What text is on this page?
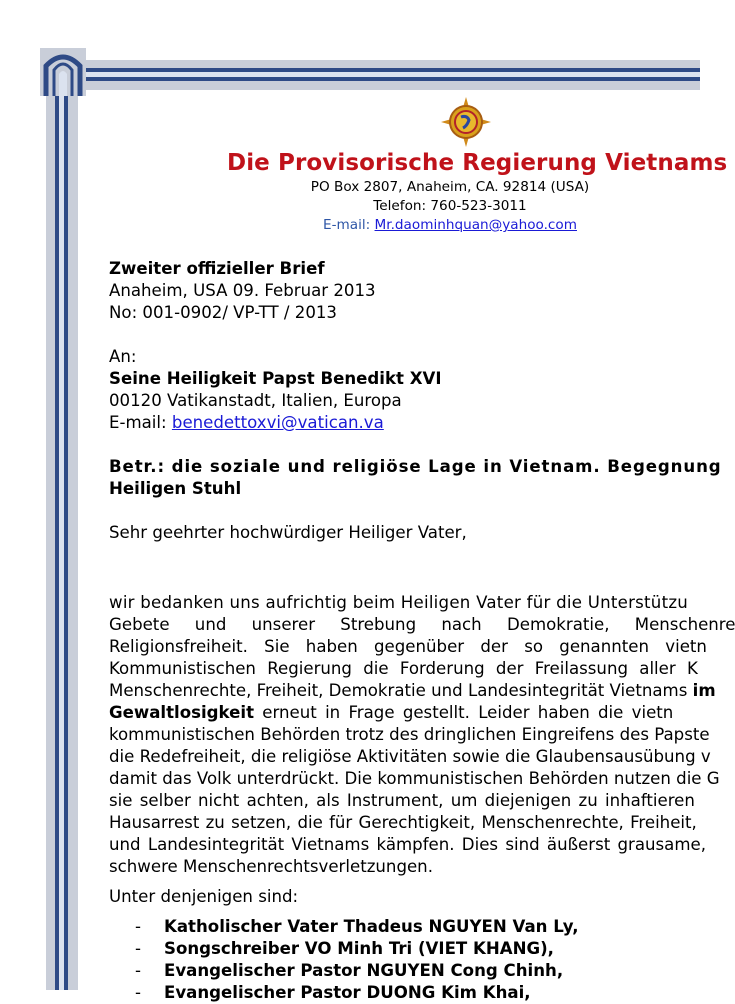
Die Provisorische Regierung Vietnams
PO Box 2807, Anaheim, CA. 92814 (USA)
Telefon: 760-523-3011
E-mail: Mr.daominhquan@yahoo.com

Zweiter offizieller Brief

Anaheim, USA 09. Februar 2013

No: 001-0902/ VP-TT / 2013

An:

Seine Heiligkeit Papst Benedikt XVI

00120 Vatikanstadt, Italien, Europa

E-mail: benedettoxvi@vatican.va

Betr.: die soziale und religiöse Lage in Vietnam. Begegnung

Heiligen Stuhl

Sehr geehrter hochwürdiger Heiliger Vater,

wir bedanken uns aufrichtig beim Heiligen Vater für die Unterstützu

Gebete und unserer Strebung nach Demokratie, Menschenre

Religionsfreiheit. Sie haben gegenüber der so genannten vietn

Kommunistischen Regierung die Forderung der Freilassung aller K

Menschenrechte, Freiheit, Demokratie und Landesintegrität Vietnams im

Gewaltlosigkeit erneut in Frage gestellt. Leider haben die vietn

kommunistischen Behörden trotz des dringlichen Eingreifens des Papste

die Redefreiheit, die religiöse Aktivitäten sowie die Glaubensausübung v

damit das Volk unterdrückt. Die kommunistischen Behörden nutzen die G

sie selber nicht achten, als Instrument, um diejenigen zu inhaftieren

Hausarrest zu setzen, die für Gerechtigkeit, Menschenrechte, Freiheit,

und Landesintegrität Vietnams kämpfen. Dies sind äußerst grausame,

schwere Menschenrechtsverletzungen.

Unter denjenigen sind:

-	Katholischer Vater Thadeus NGUYEN Van Ly,
-	Songschreiber VO Minh Tri (VIET KHANG),
-	Evangelischer Pastor NGUYEN Cong Chinh,
-	Evangelischer Pastor DUONG Kim Khai,
